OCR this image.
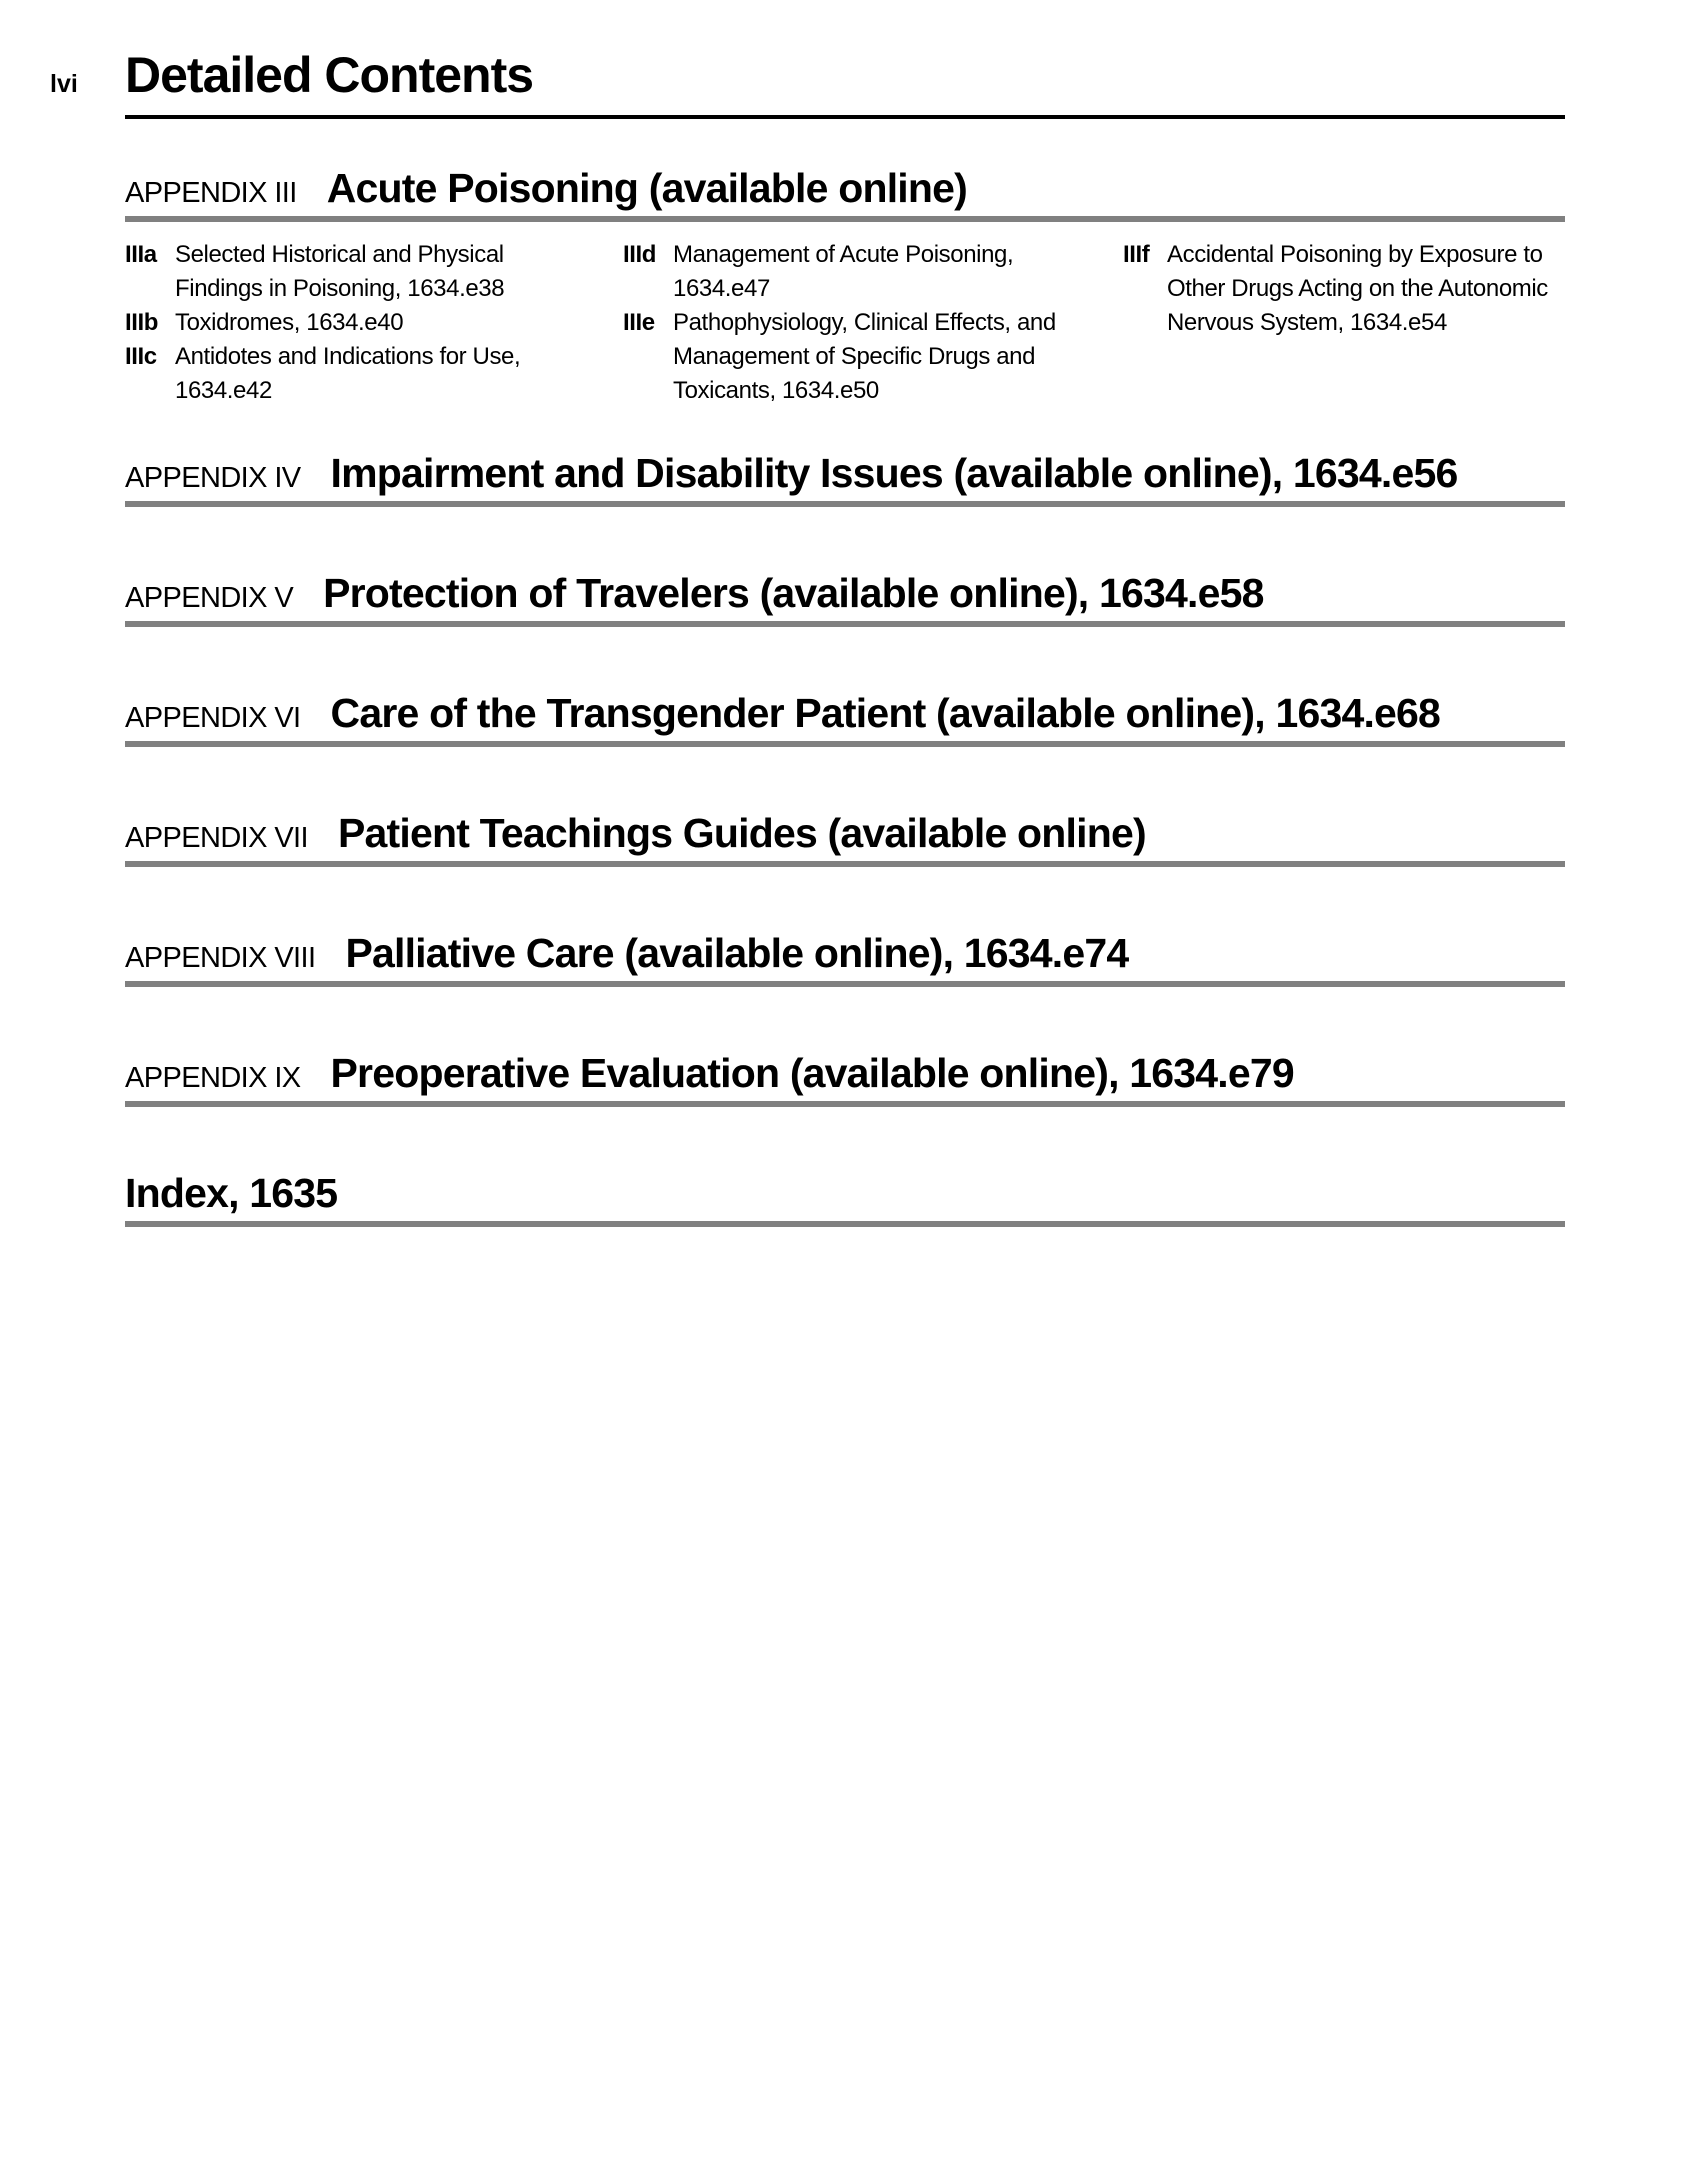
lvi Detailed Contents
APPENDIX III Acute Poisoning (available online)
IIIa Selected Historical and Physical Findings in Poisoning, 1634.e38
IIIb Toxidromes, 1634.e40
IIIc Antidotes and Indications for Use, 1634.e42
IIId Management of Acute Poisoning, 1634.e47
IIIe Pathophysiology, Clinical Effects, and Management of Specific Drugs and Toxicants, 1634.e50
IIIf Accidental Poisoning by Exposure to Other Drugs Acting on the Autonomic Nervous System, 1634.e54
APPENDIX IV Impairment and Disability Issues (available online), 1634.e56
APPENDIX V Protection of Travelers (available online), 1634.e58
APPENDIX VI Care of the Transgender Patient (available online), 1634.e68
APPENDIX VII Patient Teachings Guides (available online)
APPENDIX VIII Palliative Care (available online), 1634.e74
APPENDIX IX Preoperative Evaluation (available online), 1634.e79
Index, 1635
